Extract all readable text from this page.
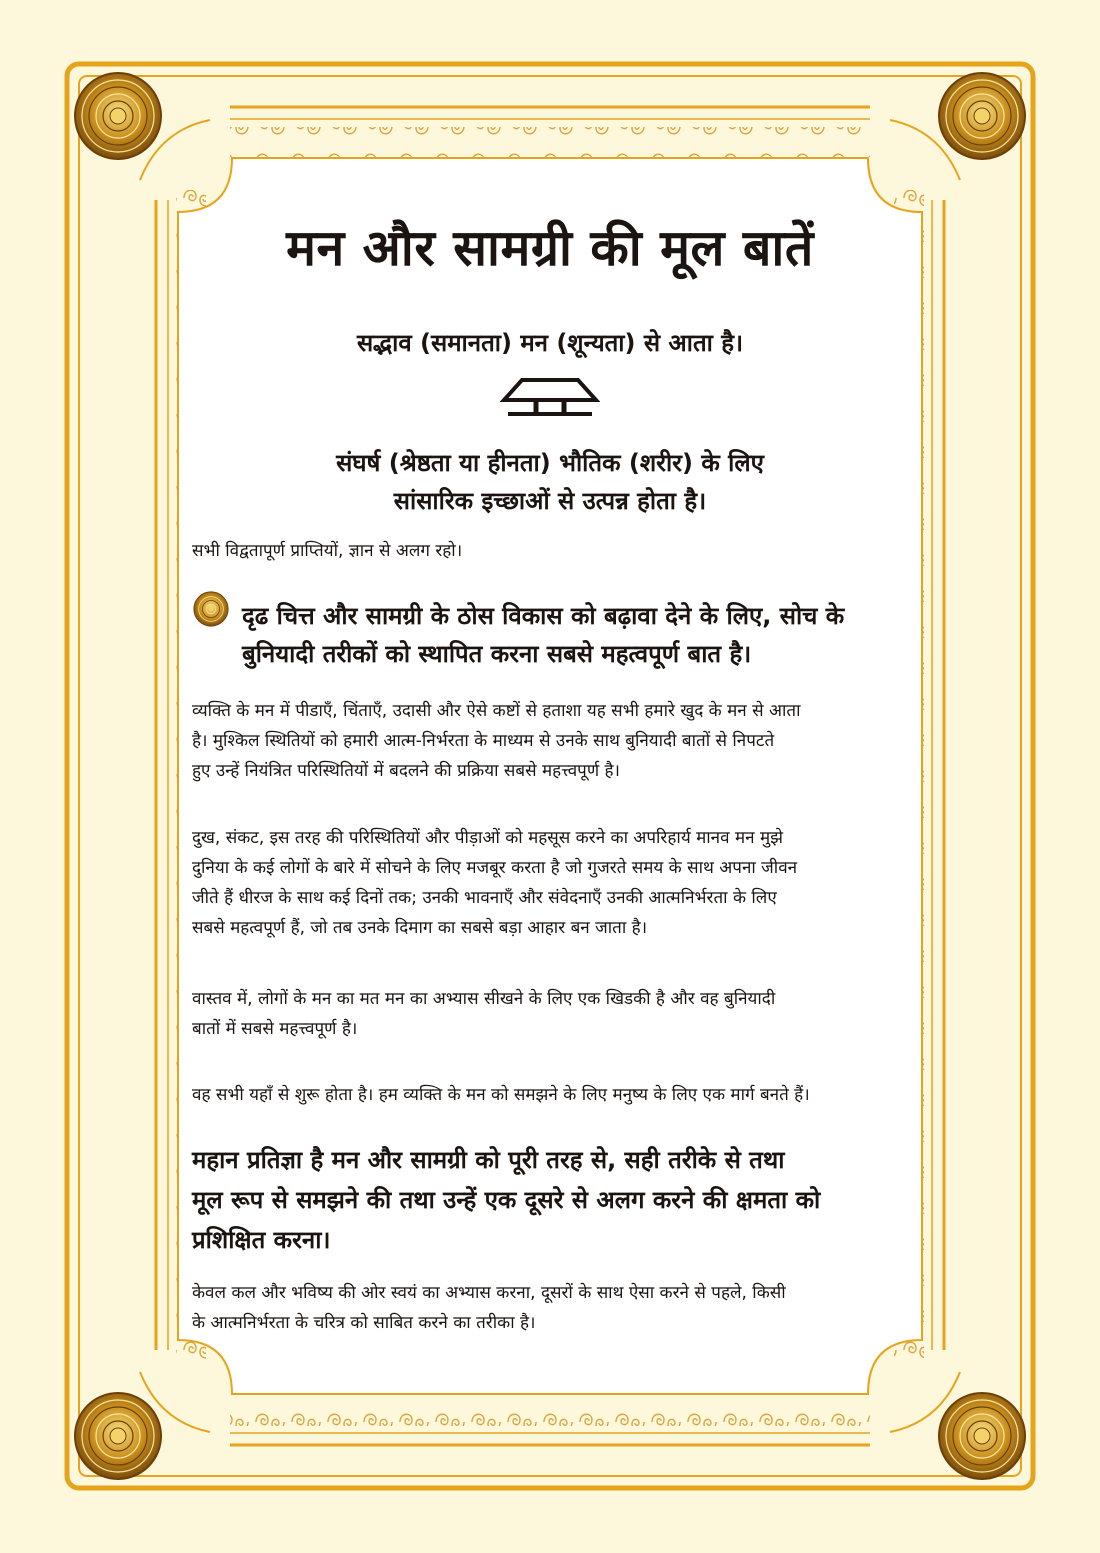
मन और सामग्री की मूल बातें

सद्भाव (समानता) मन (शून्यता) से आता है।

संघर्ष (श्रेष्ठता या हीनता) भौतिक (शरीर) के लिए
सांसारिक इच्छाओं से उत्पन्न होता है।

सभी विद्वतापूर्ण प्राप्तियों, ज्ञान से अलग रहो।

दृढ चित्त और सामग्री के ठोस विकास को बढ़ावा देने के लिए, सोच के
बुनियादी तरीकों को स्थापित करना सबसे महत्वपूर्ण बात है।

व्यक्ति के मन में पीडाएँ, चिंताएँ, उदासी और ऐसे कष्टों से हताशा यह सभी हमारे खुद के मन से आता
है। मुश्किल स्थितियों को हमारी आत्म-निर्भरता के माध्यम से उनके साथ बुनियादी बातों से निपटते
हुए उन्हें नियंत्रित परिस्थितियों में बदलने की प्रक्रिया सबसे महत्त्वपूर्ण है।

दुख, संकट, इस तरह की परिस्थितियों और पीड़ाओं को महसूस करने का अपरिहार्य मानव मन मुझे
दुनिया के कई लोगों के बारे में सोचने के लिए मजबूर करता है जो गुजरते समय के साथ अपना जीवन
जीते हैं धीरज के साथ कई दिनों तक; उनकी भावनाएँ और संवेदनाएँ उनकी आत्मनिर्भरता के लिए
सबसे महत्वपूर्ण हैं, जो तब उनके दिमाग का सबसे बड़ा आहार बन जाता है।

वास्तव में, लोगों के मन का मत मन का अभ्यास सीखने के लिए एक खिडकी है और वह बुनियादी
बातों में सबसे महत्त्वपूर्ण है।

वह सभी यहाँ से शुरू होता है। हम व्यक्ति के मन को समझने के लिए मनुष्य के लिए एक मार्ग बनते हैं।

महान प्रतिज्ञा है मन और सामग्री को पूरी तरह से, सही तरीके से तथा
मूल रूप से समझने की तथा उन्हें एक दूसरे से अलग करने की क्षमता को
प्रशिक्षित करना।

केवल कल और भविष्य की ओर स्वयं का अभ्यास करना, दूसरों के साथ ऐसा करने से पहले, किसी
के आत्मनिर्भरता के चरित्र को साबित करने का तरीका है।
